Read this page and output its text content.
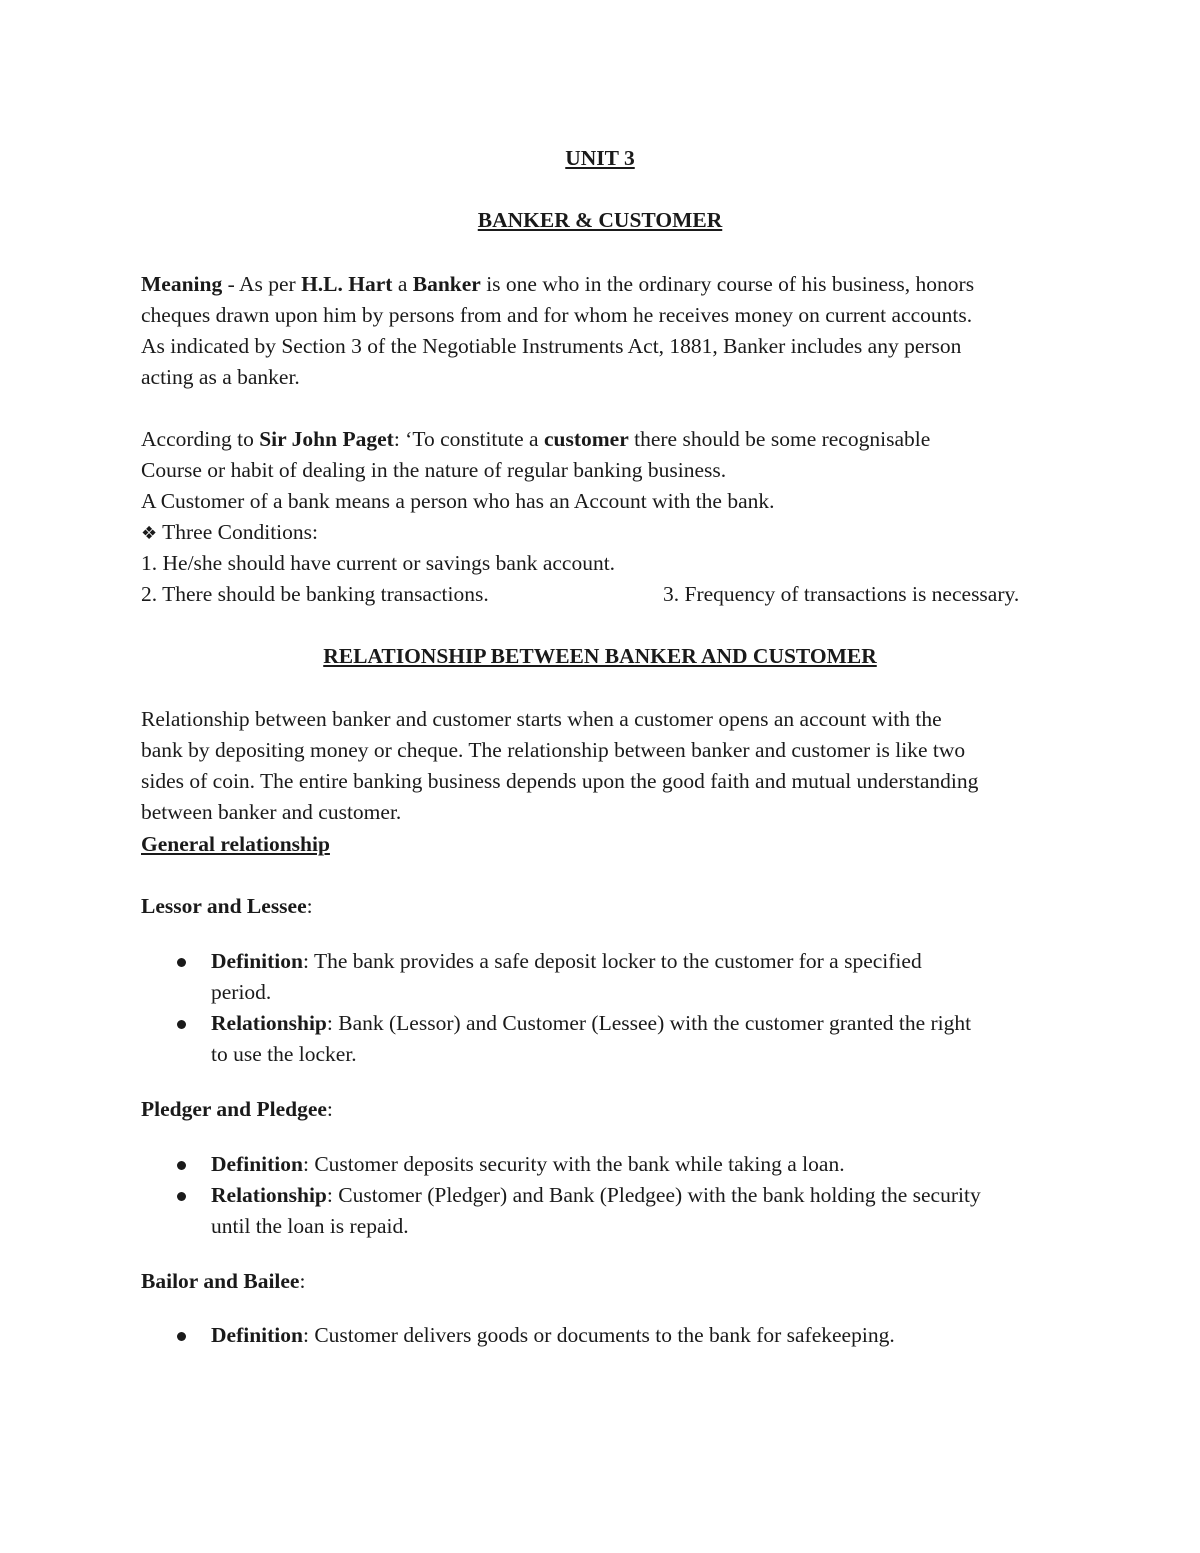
UNIT 3
BANKER & CUSTOMER
Meaning - As per H.L. Hart a Banker is one who in the ordinary course of his business, honors
cheques drawn upon him by persons from and for whom he receives money on current accounts.
As indicated by Section 3 of the Negotiable Instruments Act, 1881, Banker includes any person
acting as a banker.
According to Sir John Paget: ‘To constitute a customer there should be some recognisable
Course or habit of dealing in the nature of regular banking business.
A Customer of a bank means a person who has an Account with the bank.
❖ Three Conditions:
1. He/she should have current or savings bank account.
2. There should be banking transactions.	3. Frequency of transactions is necessary.
RELATIONSHIP BETWEEN BANKER AND CUSTOMER
Relationship between banker and customer starts when a customer opens an account with the
bank by depositing money or cheque. The relationship between banker and customer is like two
sides of coin. The entire banking business depends upon the good faith and mutual understanding
between banker and customer.
General relationship
Lessor and Lessee:
Definition: The bank provides a safe deposit locker to the customer for a specified
period.
Relationship: Bank (Lessor) and Customer (Lessee) with the customer granted the right
to use the locker.
Pledger and Pledgee:
Definition: Customer deposits security with the bank while taking a loan.
Relationship: Customer (Pledger) and Bank (Pledgee) with the bank holding the security
until the loan is repaid.
Bailor and Bailee:
Definition: Customer delivers goods or documents to the bank for safekeeping.
